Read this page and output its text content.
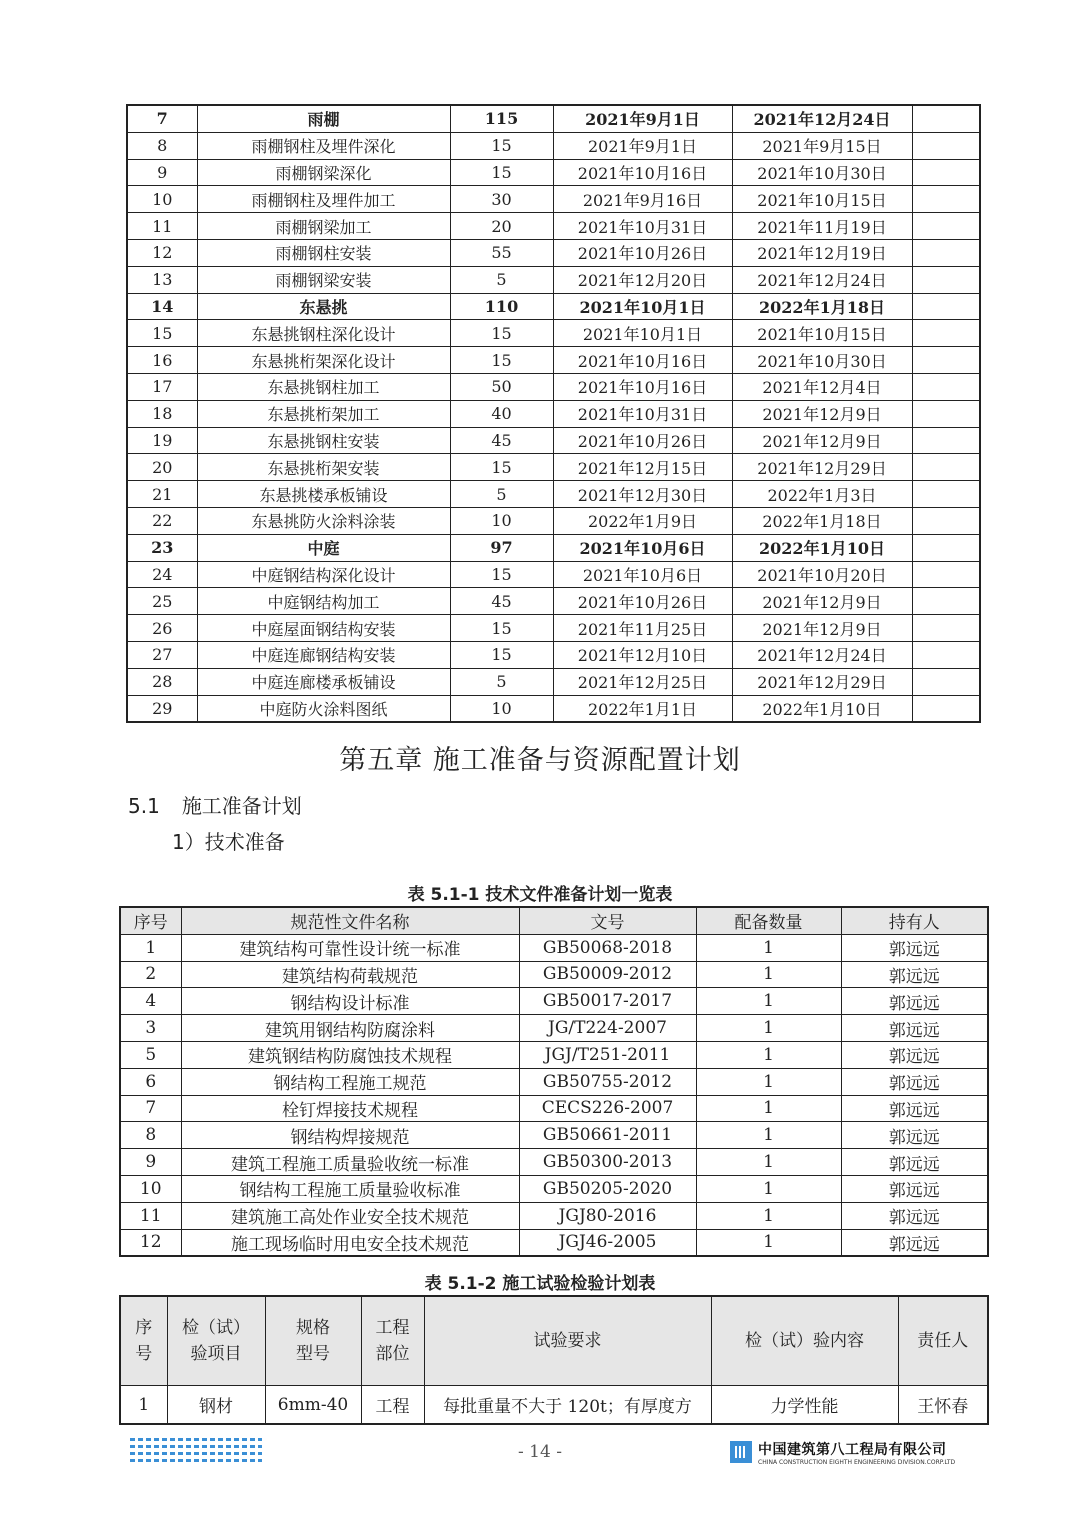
7	雨棚	115	2021年9月1日	2021年12月24日	
8	雨棚钢柱及埋件深化	15	2021年9月1日	2021年9月15日	
9	雨棚钢梁深化	15	2021年10月16日	2021年10月30日	
10	雨棚钢柱及埋件加工	30	2021年9月16日	2021年10月15日	
11	雨棚钢梁加工	20	2021年10月31日	2021年11月19日	
12	雨棚钢柱安装	55	2021年10月26日	2021年12月19日	
13	雨棚钢梁安装	5	2021年12月20日	2021年12月24日	
14	东悬挑	110	2021年10月1日	2022年1月18日	
15	东悬挑钢柱深化设计	15	2021年10月1日	2021年10月15日	
16	东悬挑桁架深化设计	15	2021年10月16日	2021年10月30日	
17	东悬挑钢柱加工	50	2021年10月16日	2021年12月4日	
18	东悬挑桁架加工	40	2021年10月31日	2021年12月9日	
19	东悬挑钢柱安装	45	2021年10月26日	2021年12月9日	
20	东悬挑桁架安装	15	2021年12月15日	2021年12月29日	
21	东悬挑楼承板铺设	5	2021年12月30日	2022年1月3日	
22	东悬挑防火涂料涂装	10	2022年1月9日	2022年1月18日	
23	中庭	97	2021年10月6日	2022年1月10日	
24	中庭钢结构深化设计	15	2021年10月6日	2021年10月20日	
25	中庭钢结构加工	45	2021年10月26日	2021年12月9日	
26	中庭屋面钢结构安装	15	2021年11月25日	2021年12月9日	
27	中庭连廊钢结构安装	15	2021年12月10日	2021年12月24日	
28	中庭连廊楼承板铺设	5	2021年12月25日	2021年12月29日	
29	中庭防火涂料图纸	10	2022年1月1日	2022年1月10日	
第五章 施工准备与资源配置计划
5.1 施工准备计划
1）技术准备
表 5.1-1 技术文件准备计划一览表
序号	规范性文件名称	文号	配备数量	持有人
1	建筑结构可靠性设计统一标准	GB50068-2018	1	郭远远
2	建筑结构荷载规范	GB50009-2012	1	郭远远
4	钢结构设计标准	GB50017-2017	1	郭远远
3	建筑用钢结构防腐涂料	JG/T224-2007	1	郭远远
5	建筑钢结构防腐蚀技术规程	JGJ/T251-2011	1	郭远远
6	钢结构工程施工规范	GB50755-2012	1	郭远远
7	栓钉焊接技术规程	CECS226-2007	1	郭远远
8	钢结构焊接规范	GB50661-2011	1	郭远远
9	建筑工程施工质量验收统一标准	GB50300-2013	1	郭远远
10	钢结构工程施工质量验收标准	GB50205-2020	1	郭远远
11	建筑施工高处作业安全技术规范	JGJ80-2016	1	郭远远
12	施工现场临时用电安全技术规范	JGJ46-2005	1	郭远远
表 5.1-2 施工试验检验计划表
序号	检（试）验项目	规格型号	工程部位	试验要求	检（试）验内容	责任人
1	钢材	6mm-40	工程	每批重量不大于 120t；有厚度方	力学性能	王怀春
- 14 -	中国建筑第八工程局有限公司
CHINA CONSTRUCTION EIGHTH ENGINEERING DIVISION.CORP.LTD
